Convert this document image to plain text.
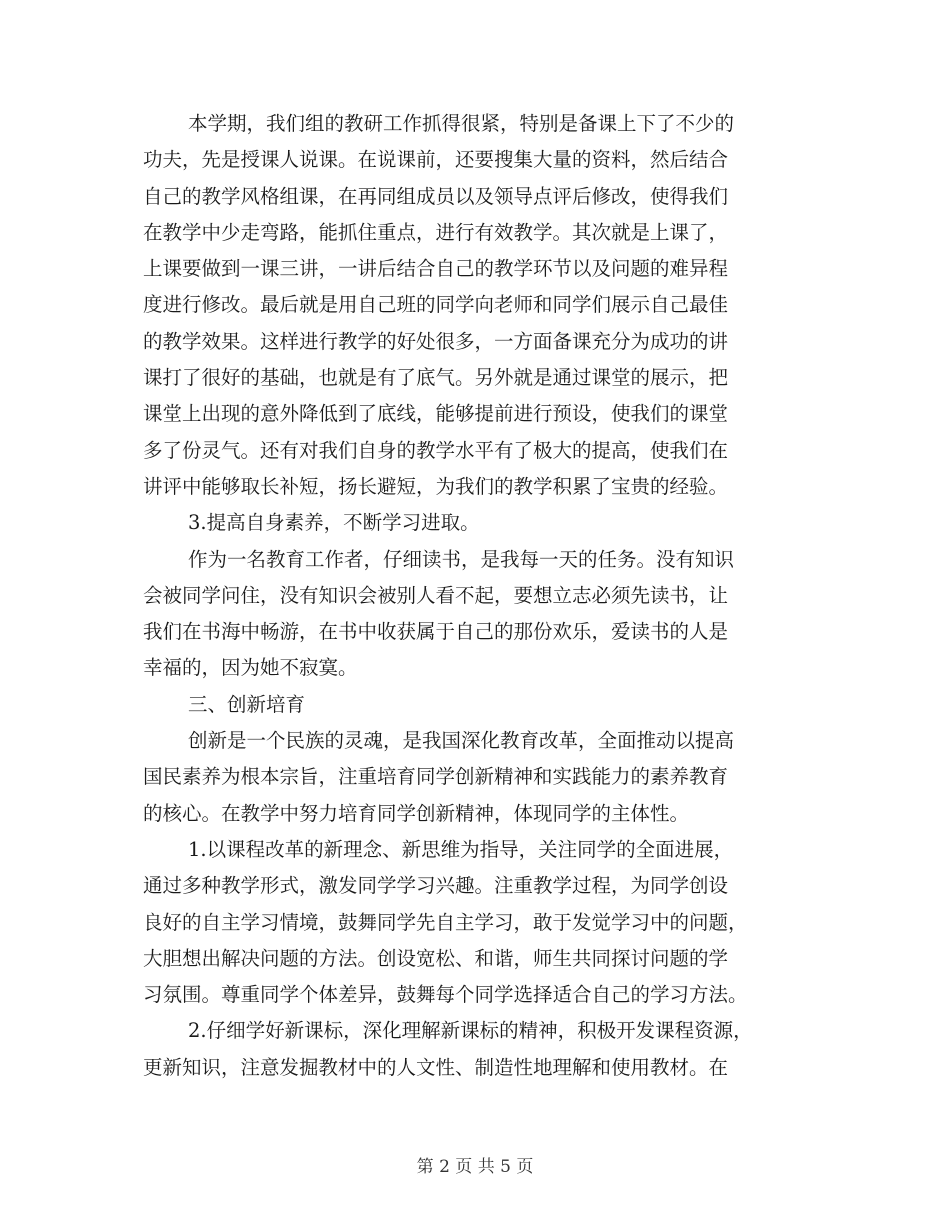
本学期，我们组的教研工作抓得很紧，特别是备课上下了不少的
功夫，先是授课人说课。在说课前，还要搜集大量的资料，然后结合
自己的教学风格组课，在再同组成员以及领导点评后修改，使得我们
在教学中少走弯路，能抓住重点，进行有效教学。其次就是上课了，
上课要做到一课三讲，一讲后结合自己的教学环节以及问题的难异程
度进行修改。最后就是用自己班的同学向老师和同学们展示自己最佳
的教学效果。这样进行教学的好处很多，一方面备课充分为成功的讲
课打了很好的基础，也就是有了底气。另外就是通过课堂的展示，把
课堂上出现的意外降低到了底线，能够提前进行预设，使我们的课堂
多了份灵气。还有对我们自身的教学水平有了极大的提高，使我们在
讲评中能够取长补短，扬长避短，为我们的教学积累了宝贵的经验。
3.提高自身素养，不断学习进取。
作为一名教育工作者，仔细读书，是我每一天的任务。没有知识
会被同学问住，没有知识会被别人看不起，要想立志必须先读书，让
我们在书海中畅游，在书中收获属于自己的那份欢乐，爱读书的人是
幸福的，因为她不寂寞。
三、创新培育
创新是一个民族的灵魂，是我国深化教育改革，全面推动以提高
国民素养为根本宗旨，注重培育同学创新精神和实践能力的素养教育
的核心。在教学中努力培育同学创新精神，体现同学的主体性。
1.以课程改革的新理念、新思维为指导，关注同学的全面进展，
通过多种教学形式，激发同学学习兴趣。注重教学过程，为同学创设
良好的自主学习情境，鼓舞同学先自主学习，敢于发觉学习中的问题，
大胆想出解决问题的方法。创设宽松、和谐，师生共同探讨问题的学
习氛围。尊重同学个体差异，鼓舞每个同学选择适合自己的学习方法。
2.仔细学好新课标，深化理解新课标的精神，积极开发课程资源，
更新知识，注意发掘教材中的人文性、制造性地理解和使用教材。在
第 2 页 共 5 页
